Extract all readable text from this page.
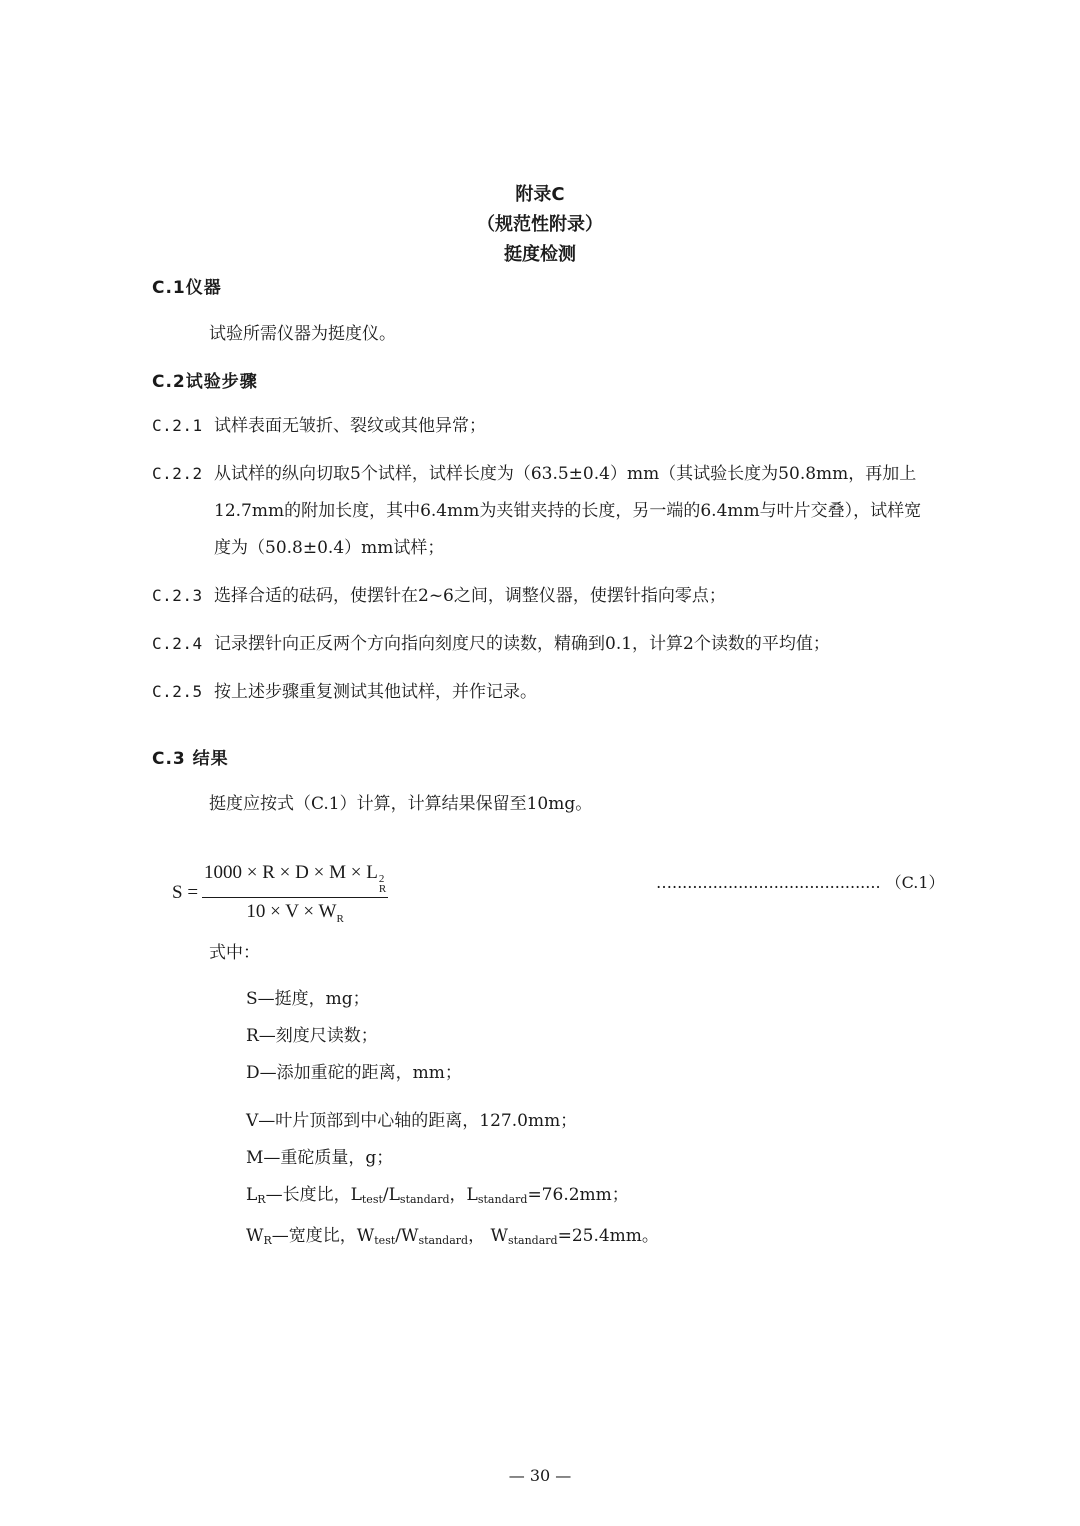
附录C
（规范性附录）
挺度检测
C.1仪器
试验所需仪器为挺度仪。
C.2试验步骤
C.2.1 试样表面无皱折、裂纹或其他异常；
C.2.2 从试样的纵向切取5个试样，试样长度为（63.5±0.4）mm（其试验长度为50.8mm，再加上
12.7mm的附加长度，其中6.4mm为夹钳夹持的长度，另一端的6.4mm与叶片交叠），试样宽
度为（50.8±0.4）mm试样；
C.2.3 选择合适的砝码，使摆针在2~6之间，调整仪器，使摆针指向零点；
C.2.4 记录摆针向正反两个方向指向刻度尺的读数，精确到0.1，计算2个读数的平均值；
C.2.5 按上述步骤重复测试其他试样，并作记录。
C.3 结果
挺度应按式（C.1）计算，计算结果保留至10mg。
S = 1000 × R × D × M × L 2
R
$10 \times V \times W_R$	…......................................... （C.1）
式中：
S—挺度，mg；
R—刻度尺读数；
D—添加重砣的距离，mm；
V—叶片顶部到中心轴的距离，127.0mm；
M—重砣质量，g；
$L_R—$长度比，$L_{test}/L_{standard}$，$L_{standard}=76.2mm$；
$W_R—$宽度比，$W_{test}/W_{standard}$， $W_{standard}=25.4mm$。
— 30 —
